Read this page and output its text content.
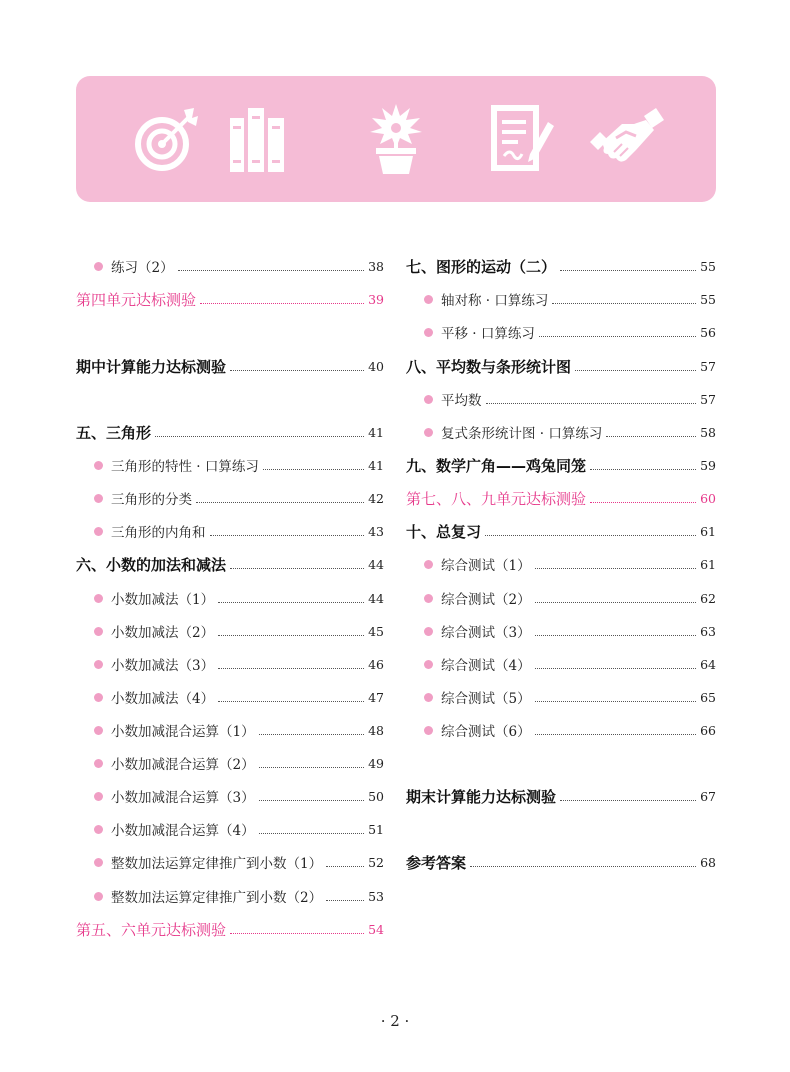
练习（2）	38
第四单元达标测验	39
期中计算能力达标测验	40
五、三角形	41
三角形的特性 · 口算练习	41
三角形的分类	42
三角形的内角和	43
六、小数的加法和减法	44
小数加减法（1）	44
小数加减法（2）	45
小数加减法（3）	46
小数加减法（4）	47
小数加减混合运算（1）	48
小数加减混合运算（2）	49
小数加减混合运算（3）	50
小数加减混合运算（4）	51
整数加法运算定律推广到小数（1）	52
整数加法运算定律推广到小数（2）	53
第五、六单元达标测验	54
七、图形的运动（二）	55
轴对称 · 口算练习	55
平移 · 口算练习	56
八、平均数与条形统计图	57
平均数	57
复式条形统计图 · 口算练习	58
九、数学广角——鸡兔同笼	59
第七、八、九单元达标测验	60
十、总复习	61
综合测试（1）	61
综合测试（2）	62
综合测试（3）	63
综合测试（4）	64
综合测试（5）	65
综合测试（6）	66
期末计算能力达标测验	67
参考答案	68
· 2 ·
